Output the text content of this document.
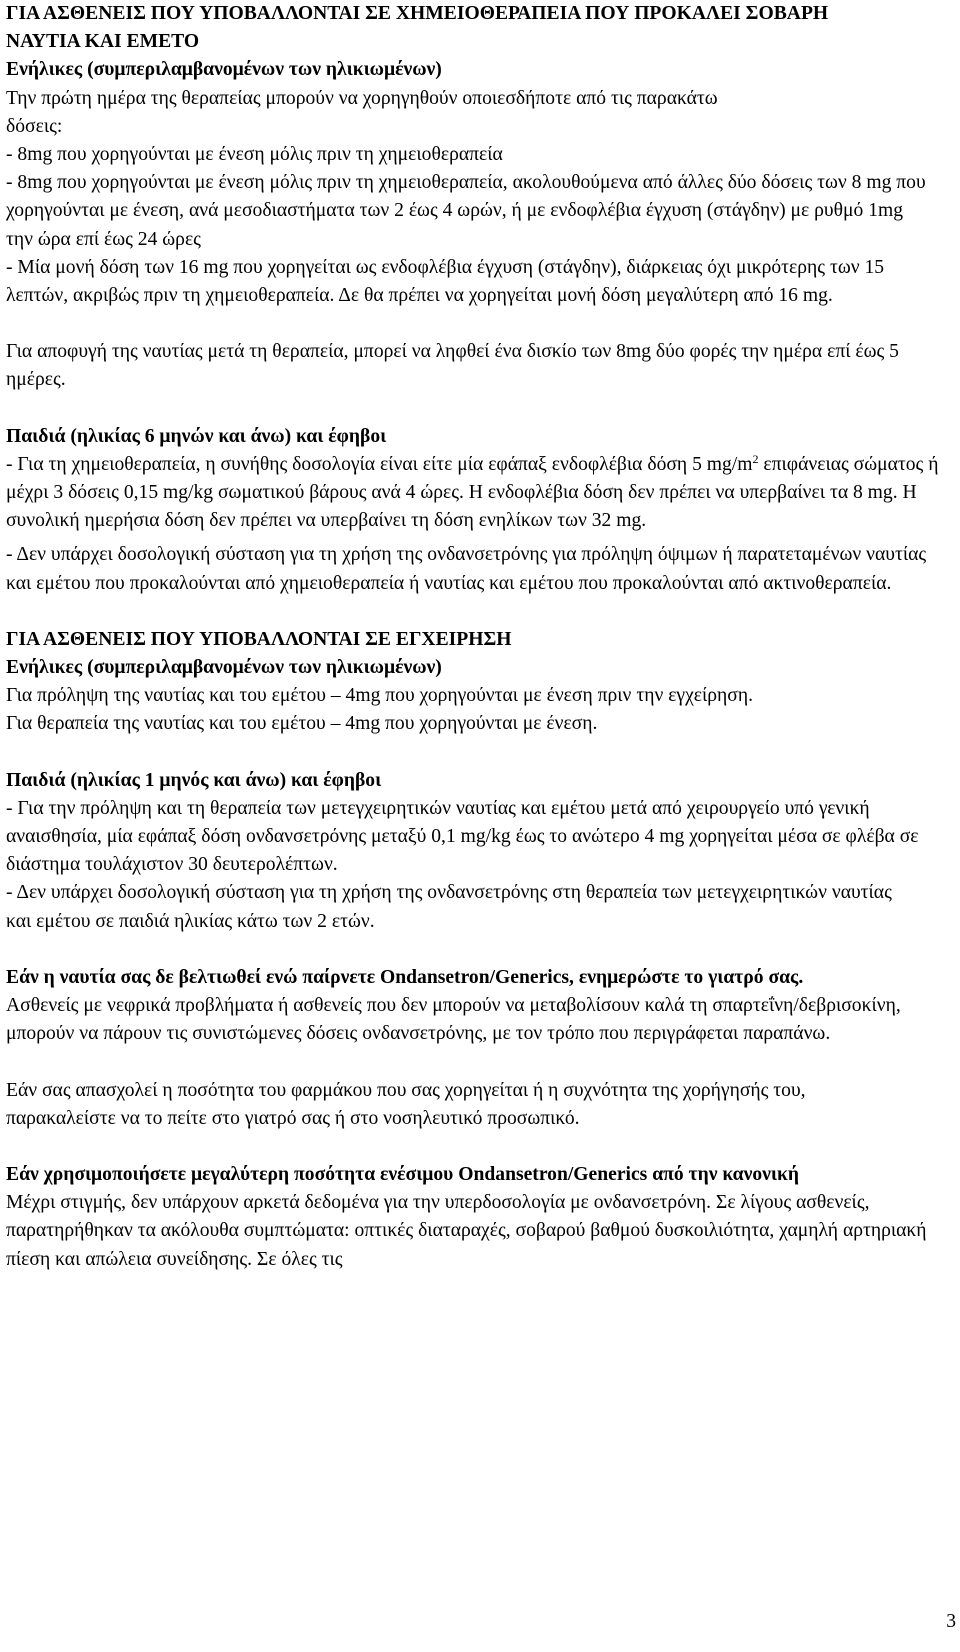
ΓΙΑ ΑΣΘΕΝΕΙΣ ΠΟΥ ΥΠΟΒΑΛΛΟΝΤΑΙ ΣΕ ΧΗΜΕΙΟΘΕΡΑΠΕΙΑ ΠΟΥ ΠΡΟΚΑΛΕΙ ΣΟΒΑΡΗ ΝΑΥΤΙΑ ΚΑΙ ΕΜΕΤΟ
Ενήλικες (συμπεριλαμβανομένων των ηλικιωμένων)
Την πρώτη ημέρα της θεραπείας μπορούν να χορηγηθούν οποιεσδήποτε από τις παρακάτω δόσεις:
- 8mg που χορηγούνται με ένεση μόλις πριν τη χημειοθεραπεία
- 8mg που χορηγούνται με ένεση μόλις πριν τη χημειοθεραπεία, ακολουθούμενα από άλλες δύο δόσεις των 8 mg που χορηγούνται με ένεση, ανά μεσοδιαστήματα των 2 έως 4 ωρών, ή με ενδοφλέβια έγχυση (στάγδην) με ρυθμό 1mg την ώρα επί έως 24 ώρες
- Μία μονή δόση των 16 mg που χορηγείται ως ενδοφλέβια έγχυση (στάγδην), διάρκειας όχι μικρότερης των 15 λεπτών, ακριβώς πριν τη χημειοθεραπεία. Δε θα πρέπει να χορηγείται μονή δόση μεγαλύτερη από 16 mg.
Για αποφυγή της ναυτίας μετά τη θεραπεία, μπορεί να ληφθεί ένα δισκίο των 8mg δύο φορές την ημέρα επί έως 5 ημέρες.
Παιδιά (ηλικίας 6 μηνών και άνω) και έφηβοι
- Για τη χημειοθεραπεία, η συνήθης δοσολογία είναι είτε μία εφάπαξ ενδοφλέβια δόση 5 $mg/m^2$ επιφάνειας σώματος ή μέχρι 3 δόσεις 0,15 mg/kg σωματικού βάρους ανά 4 ώρες. Η ενδοφλέβια δόση δεν πρέπει να υπερβαίνει τα 8 mg. Η συνολική ημερήσια δόση δεν πρέπει να υπερβαίνει τη δόση ενηλίκων των 32 mg.
- Δεν υπάρχει δοσολογική σύσταση για τη χρήση της ονδανσετρόνης για πρόληψη όψιμων ή παρατεταμένων ναυτίας και εμέτου που προκαλούνται από χημειοθεραπεία ή ναυτίας και εμέτου που προκαλούνται από ακτινοθεραπεία.
ΓΙΑ ΑΣΘΕΝΕΙΣ ΠΟΥ ΥΠΟΒΑΛΛΟΝΤΑΙ ΣΕ ΕΓΧΕΙΡΗΣΗ
Ενήλικες (συμπεριλαμβανομένων των ηλικιωμένων)
Για πρόληψη της ναυτίας και του εμέτου – 4mg που χορηγούνται με ένεση πριν την εγχείρηση.
Για θεραπεία της ναυτίας και του εμέτου – 4mg που χορηγούνται με ένεση.
Παιδιά (ηλικίας 1 μηνός και άνω) και έφηβοι
- Για την πρόληψη και τη θεραπεία των μετεγχειρητικών ναυτίας και εμέτου μετά από χειρουργείο υπό γενική αναισθησία, μία εφάπαξ δόση ονδανσετρόνης μεταξύ 0,1 mg/kg έως το ανώτερο 4 mg χορηγείται μέσα σε φλέβα σε διάστημα τουλάχιστον 30 δευτερολέπτων.
- Δεν υπάρχει δοσολογική σύσταση για τη χρήση της ονδανσετρόνης στη θεραπεία των μετεγχειρητικών ναυτίας και εμέτου σε παιδιά ηλικίας κάτω των 2 ετών.
Εάν η ναυτία σας δε βελτιωθεί ενώ παίρνετε Ondansetron/Generics, ενημερώστε το γιατρό σας.
Ασθενείς με νεφρικά προβλήματα ή ασθενείς που δεν μπορούν να μεταβολίσουν καλά τη σπαρτεΐνη/δεβρισοκίνη, μπορούν να πάρουν τις συνιστώμενες δόσεις ονδανσετρόνης, με τον τρόπο που περιγράφεται παραπάνω.
Εάν σας απασχολεί η ποσότητα του φαρμάκου που σας χορηγείται ή η συχνότητα της χορήγησής του, παρακαλείστε να το πείτε στο γιατρό σας ή στο νοσηλευτικό προσωπικό.
Εάν χρησιμοποιήσετε μεγαλύτερη ποσότητα ενέσιμου Ondansetron/Generics από την κανονική
Μέχρι στιγμής, δεν υπάρχουν αρκετά δεδομένα για την υπερδοσολογία με ονδανσετρόνη. Σε λίγους ασθενείς, παρατηρήθηκαν τα ακόλουθα συμπτώματα: οπτικές διαταραχές, σοβαρού βαθμού δυσκοιλιότητα, χαμηλή αρτηριακή πίεση και απώλεια συνείδησης. Σε όλες τις
3
